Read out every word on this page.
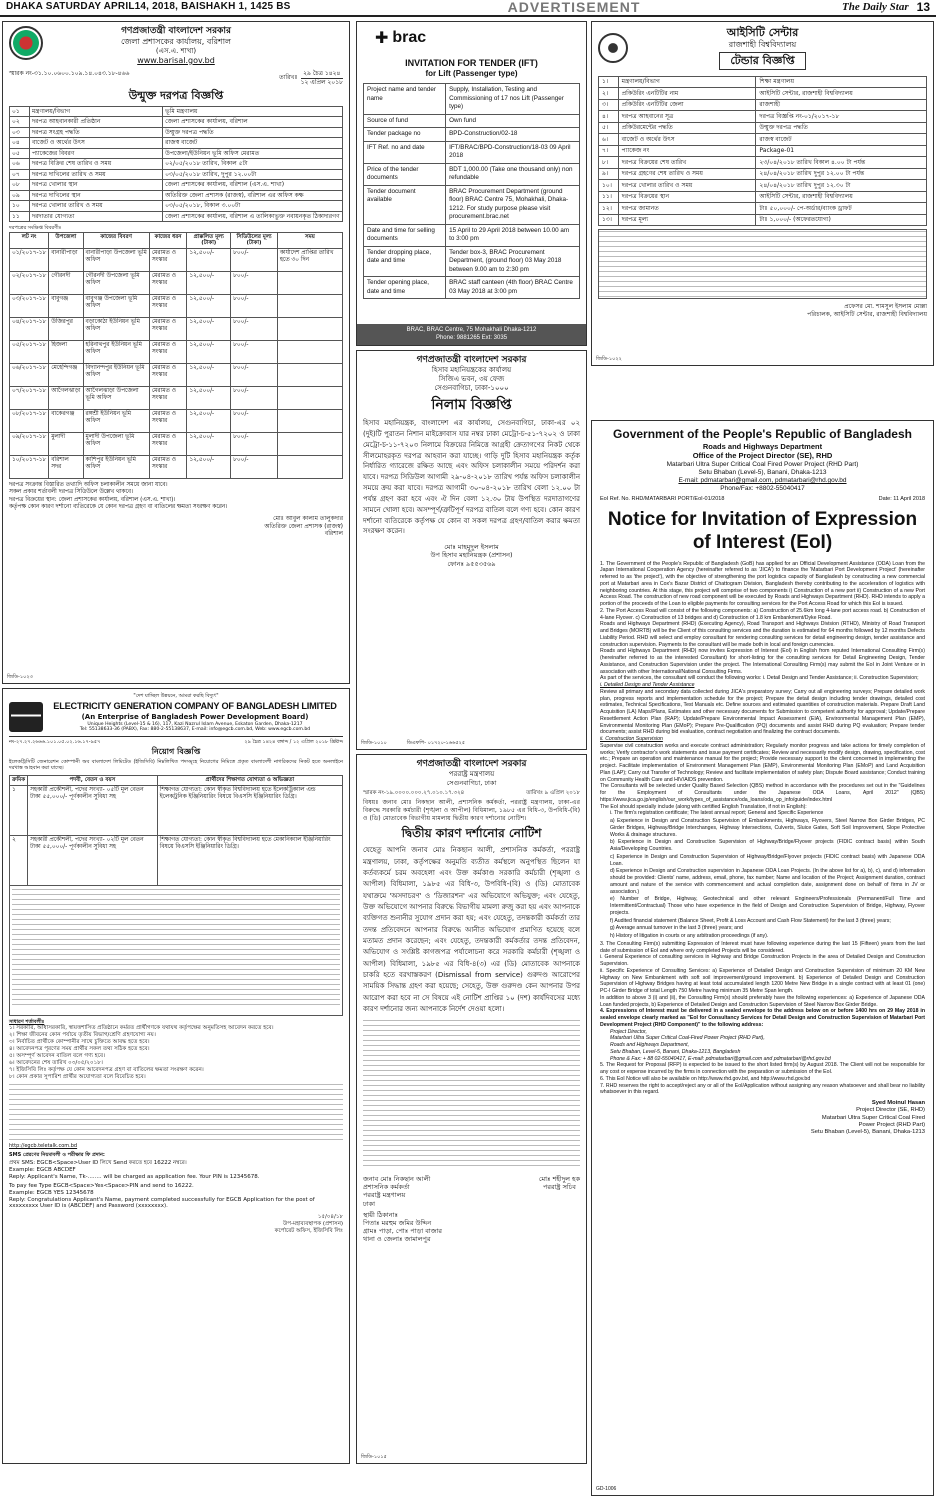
DHAKA SATURDAY APRIL14, 2018, BAISHAKH 1, 1425 BS	ADVERTISEMENT	The Daily Star 13
গণপ্রজাতন্ত্রী বাংলাদেশ সরকার
জেলা প্রশাসকের কার্যালয়, বরিশাল
(এস.এ. শাখা)
www.barisal.gov.bd
স্মারক নং-৩১.১০.০৬০০.১০৯.১৪.০৪৩.১৮-৪৬৬
তারিখঃ
২৯ চৈত্র ১৪২৪
১২ এপ্রিল ২০১৮
উন্মুক্ত দরপত্র বিজ্ঞপ্তি
০১	মন্ত্রণালয়/বিভাগ	ভূমি মন্ত্রণালয়
০২	দরপত্র আহবানকারী প্রতিষ্ঠান	জেলা প্রশাসকের কার্যালয়, বরিশাল
০৩	দরপত্র সংগ্রহ পদ্ধতি	উন্মুক্ত দরপত্র পদ্ধতি
০৪	বাজেট ও অর্থের উৎস	রাজস্ব বাজেট
০৫	প্যাকেজের বিবরণ	উপজেলা/ইউনিয়ন ভূমি অফিস মেরামত
০৬	দরপত্র বিক্রির শেষ তারিখ ও সময়	০২/০৫/২০১৮ তারিখ, বিকাল ৫টা
০৭	দরপত্র দাখিলের তারিখ ও সময়	০৩/০৫/২০১৮ তারিখ, দুপুর ১২.০০টা
০৮	দরপত্র খোলার স্থান	জেলা প্রশাসকের কার্যালয়, বরিশাল (এস.এ. শাখা)
০৯	দরপত্র দাখিলের স্থান	অতিরিক্ত জেলা প্রশাসক (রাজস্ব), বরিশাল এর অফিস কক্ষ
১০	দরপত্র খোলার তারিখ ও সময়	০৩/০৫/২০১৮, বিকাল ৩.০০টা
১১	দরদাতার যোগ্যতা	জেলা প্রশাসকের কার্যালয়, বরিশাল এ তালিকাভুক্ত নবায়নকৃত ঠিকাদারগণ
দরপত্রের সংক্ষিপ্ত বিবরণীঃ
লট নং	উপজেলা	কাজের বিবরণ	কাজের ধরন	প্রাক্কলিত মূল্য (টাকা)	সিডিউলের মূল্য (টাকা)	সময়
০১/২০১৭-১৮	বানারীপাড়া	বানারীপাড়া উপজেলা ভূমি অফিস	মেরামত ও সংস্কার	১২,৫০০/-	৮০০/-	কার্যাদেশ প্রাপ্তির তারিখ হতে ৩০ দিন
০২/২০১৭-১৮	গৌরনদী	গৌরনদী উপজেলা ভূমি অফিস	মেরামত ও সংস্কার	১২,৫০০/-	৮০০/-	
০৩/২০১৭-১৮	বাবুগঞ্জ	বাবুগঞ্জ উপজেলা ভূমি অফিস	মেরামত ও সংস্কার	১২,৫০০/-	৮০০/-	
০৪/২০১৭-১৮	উজিরপুর	বড়াকোঠা ইউনিয়ন ভূমি অফিস	মেরামত ও সংস্কার	১২,৫০০/-	৮০০/-	
০৫/২০১৭-১৮	হিজলা	হরিনাথপুর ইউনিয়ন ভূমি অফিস	মেরামত ও সংস্কার	১২,৫০০/-	৮০০/-	
০৬/২০১৭-১৮	মেহেন্দিগঞ্জ	বিদ্যানন্দপুর ইউনিয়ন ভূমি অফিস	মেরামত ও সংস্কার	১২,৫০০/-	৮০০/-	
০৭/২০১৭-১৮	আগৈলঝাড়া	আগৈলঝাড়া উপজেলা ভূমি অফিস	মেরামত ও সংস্কার	১২,৫০০/-	৮০০/-	
০৮/২০১৭-১৮	বাকেরগঞ্জ	রঙ্গশ্রী ইউনিয়ন ভূমি অফিস	মেরামত ও সংস্কার	১২,৫০০/-	৮০০/-	
০৯/২০১৭-১৮	মুলাদী	মুলাদী উপজেলা ভূমি অফিস	মেরামত ও সংস্কার	১২,৫০০/-	৮০০/-	
১০/২০১৭-১৮	বরিশাল সদর	কাশিপুর ইউনিয়ন ভূমি অফিস	মেরামত ও সংস্কার	১২,৫০০/-	৮০০/-	
দরপত্র সংক্রান্ত বিস্তারিত তথ্যাদি অফিস চলাকালীন সময়ে জানা যাবে।
সকল প্রকার শর্তাবলী দরপত্র সিডিউলে উল্লেখ থাকবে।
দরপত্র বিক্রয়ের স্থান: জেলা প্রশাসকের কার্যালয়, বরিশাল (এস.এ. শাখা)।
কর্তৃপক্ষ কোন কারণ দর্শানো ব্যতিরেকে যে কোন দরপত্র গ্রহণ বা বাতিলের ক্ষমতা সংরক্ষণ করেন।
মোঃ আবুল কালাম তালুকদার
অতিরিক্ত জেলা প্রশাসক (রাজস্ব)
বরিশাল
জিডি-১০২৩
"দেশ যাচ্ছিল উন্নয়নে, আমরা করছি বিদ্যুৎ"
ELECTRICITY GENERATION COMPANY OF BANGLADESH LIMITED
(An Enterprise of Bangladesh Power Development Board)
Unique Heights (Level-15 & 16), 117, Kazi Nazrul Islam Avenue, Eskaton Garden, Dhaka-1217
Tel: 55138633-36 (PABX), Fax: 880-2-55138637, E-mail: info@egcb.com.bd, Web: www.egcb.com.bd
নং-২৭.২৭.২৬৬৬.১০১.০৫.০২.১৬.১৭-৯৫৭	২৯ চৈত্র ১৪২৪ বঙ্গাব্দ / ১২ এপ্রিল ২০১৮ খ্রিষ্টাব্দ
নিয়োগ বিজ্ঞপ্তি
ইলেকট্রিসিটি জেনারেশন কোম্পানী অব বাংলাদেশ লিমিটেড (ইজিসিবি) নিম্নলিখিত পদসমূহে নিয়োগের নিমিত্তে প্রকৃত বাংলাদেশী নাগরিকদের নিকট হতে অনলাইনে দরখাস্ত আহবান করা যাচ্ছে।
ক্রমিক	পদবী, বেতন ও বয়স	প্রার্থীদের শিক্ষাগত যোগ্যতা ও অভিজ্ঞতা
১	সহকারী প্রকৌশলী, পদের সংখ্যা- ০৫টি মূল বেতন টাকা ৫৫,০০০/- পূর্ণকালীন সুবিধা সহ	শিক্ষাগত যোগ্যতা: কোন স্বীকৃত বিশ্ববিদ্যালয় হতে ইলেকট্রিক্যাল এন্ড ইলেকট্রনিক ইঞ্জিনিয়ারিং বিষয়ে বিএসসি ইঞ্জিনিয়ারিং ডিগ্রি।
২	সহকারী প্রকৌশলী, পদের সংখ্যা- ০২টি মূল বেতন টাকা ৫৫,০০০/- পূর্ণকালীন সুবিধা সহ	শিক্ষাগত যোগ্যতা: কোন স্বীকৃত বিশ্ববিদ্যালয় হতে মেকানিক্যাল ইঞ্জিনিয়ারিং বিষয়ে বিএসসি ইঞ্জিনিয়ারিং ডিগ্রি।
সাধারণ শর্তাবলীঃ
১। সরকারি, আধাসরকারি, স্বায়ত্তশাসিত প্রতিষ্ঠানে কর্মরত প্রার্থীগণকে যথাযথ কর্তৃপক্ষের অনুমতিসহ আবেদন করতে হবে।
২। শিক্ষা জীবনের কোন পর্যায়ে তৃতীয় বিভাগ/শ্রেণি গ্রহণযোগ্য নয়।
৩। নির্বাচিত প্রার্থীকে কোম্পানীর সাথে চুক্তিতে আবদ্ধ হতে হবে।
৪। আবেদনপত্র পূরণের সময় প্রার্থীর সকল তথ্য সঠিক হতে হবে।
৫। অসম্পূর্ণ আবেদন বাতিল বলে গণ্য হবে।
৬। আবেদনের শেষ তারিখ ০৩/০৫/২০১৮।
৭। ইজিসিবি লিঃ কর্তৃপক্ষ যে কোন আবেদনপত্র গ্রহণ বা বাতিলের ক্ষমতা সংরক্ষণ করেন।
৮। কোন প্রকার সুপারিশ প্রার্থীর অযোগ্যতা বলে বিবেচিত হবে।
http://egcb.teletalk.com.bd
SMS প্রেরণের নিয়মাবলী ও পরীক্ষার ফি প্রদান:
প্রথম SMS: EGCB<Space>User ID লিখে Send করতে হবে 16222 নম্বরে।
Example: EGCB ABCDEF
Reply: Applicant's Name, Tk-........ will be charged as application fee. Your PIN is 12345678.
To pay fee Type EGCB<Space>Yes<Space>PIN and send to 16222.
Example: EGCB YES 12345678
Reply: Congratulations Applicant's Name, payment completed successfully for EGCB Application for the post of xxxxxxxxx User ID is (ABCDEF) and Password (xxxxxxxx).
১৫/০৪/১৮
উপ-মহাব্যবস্থাপক (প্রশাসন)
কর্পোরেট অফিস, ইজিসিবি লিঃ
✚ brac
INVITATION FOR TENDER (IFT)
for Lift (Passenger type)
Project name and tender name	Supply, Installation, Testing and Commissioning of 17 nos Lift (Passenger type)
Source of fund	Own fund
Tender package no	BPD-Construction/02-18
IFT Ref. no and date	IFT/BRAC/BPD-Construction/18-03 09 April 2018
Price of the tender documents	BDT 1,000.00 (Take one thousand only) non refundable
Tender document available	BRAC Procurement Department (ground floor) BRAC Centre 75, Mohakhali, Dhaka-1212. For study purpose please visit procurement.brac.net
Date and time for selling documents	15 April to 29 April 2018 between 10.00 am to 3:00 pm
Tender dropping place, date and time	Tender box-3, BRAC Procurement Department, (ground floor) 03 May 2018 between 9.00 am to 2:30 pm
Tender opening place, date and time	BRAC staff canteen (4th floor) BRAC Centre 03 May 2018 at 3:00 pm
BRAC, BRAC Centre, 75 Mohakhali Dhaka-1212
Phone: 9881265 Ext: 3035
গণপ্রজাতন্ত্রী বাংলাদেশ সরকার
হিসাব মহানিয়ন্ত্রকের কার্যালয়
সিজিএ ভবন, ৩য় ফেজ
সেগুনবাগিচা, ঢাকা-১০০০
নিলাম বিজ্ঞপ্তি
হিসাব মহানিয়ন্ত্রক, বাংলাদেশ এর কার্যালয়, সেগুনবাগিচা, ঢাকা-এর ০২ (দুই)টি পুরাতন নিশান মাইক্রোবাস যার নম্বর ঢাকা মেট্রো-চ-৫১-৭২০২ ও ঢাকা মেট্রো-চ-১১-৭২০৩ নিলামে বিক্রয়ের নিমিত্তে আগ্রহী ক্রেতাগণের নিকট থেকে সীলমোহরকৃত দরপত্র আহবান করা যাচ্ছে। গাড়ি দুটি হিসাব মহানিয়ন্ত্রক কর্তৃক নির্ধারিত গ্যারেজে রক্ষিত আছে এবং অফিস চলাকালীন সময়ে পরিদর্শন করা যাবে। দরপত্র সিডিউল আগামী ২৯-০৪-২০১৮ তারিখ পর্যন্ত অফিস চলাকালীন সময়ে ক্রয় করা যাবে। দরপত্র আগামী ৩০-০৪-২০১৮ তারিখ বেলা ১২.০০ টা পর্যন্ত গ্রহণ করা হবে এবং ঐ দিন বেলা ১২.৩০ টায় উপস্থিত দরদাতাগণের সামনে খোলা হবে। অসম্পূর্ণ/ত্রুটিপূর্ণ দরপত্র বাতিল বলে গণ্য হবে। কোন কারণ দর্শানো ব্যতিরেকে কর্তৃপক্ষ যে কোন বা সকল দরপত্র গ্রহণ/বাতিল করার ক্ষমতা সংরক্ষণ করেন।
মোঃ মাহমুদুল ইসলাম
উপ হিসাব মহানিয়ন্ত্রক (প্রশাসন)
ফোনঃ ৯৫৫৩৫৬৯
জিডি-১০১০	ডিএফপি- ০১৭২০-১৬৬৫২৫
গণপ্রজাতন্ত্রী বাংলাদেশ সরকার
পররাষ্ট্র মন্ত্রণালয়
সেগুনবাগিচা, ঢাকা
স্মারক নং-১৯.০০০০.০০০.২৭.০১০.১৭.৩২৪	তারিখঃ ৯ এপ্রিল ২০১৮
বিষয়ঃ জনাব মোঃ নিকছান আলী, প্রশাসনিক কর্মকর্তা, পররাষ্ট্র মন্ত্রণালয়, ঢাকা-এর বিরুদ্ধে সরকারি কর্মচারী (শৃঙ্খলা ও আপীল) বিধিমালা, ১৯৮৫ এর বিধি-৩, উপবিধি-(বি) ও (ডি) মোতাবেক বিভাগীয় মামলায় দ্বিতীয় কারণ দর্শানোর নোটিশ।
দ্বিতীয় কারণ দর্শানোর নোটিশ
যেহেতু আপনি জনাব মোঃ নিকছান আলী, প্রশাসনিক কর্মকর্তা, পররাষ্ট্র মন্ত্রণালয়, ঢাকা, কর্তৃপক্ষের অনুমতি ব্যতীত কর্মস্থলে অনুপস্থিত ছিলেন যা কর্তব্যকর্মে চরম অবহেলা এবং উক্ত কর্মকাণ্ড সরকারি কর্মচারী (শৃঙ্খলা ও আপীল) বিধিমালা, ১৯৮৫ এর বিধি-৩, উপবিধি-(বি) ও (ডি) মোতাবেক যথাক্রমে 'অসদাচরণ' ও 'ডিজারশন' এর অভিযোগে অভিযুক্ত; এবং যেহেতু, উক্ত অভিযোগে আপনার বিরুদ্ধে বিভাগীয় মামলা রুজু করা হয় এবং আপনাকে ব্যক্তিগত শুনানীর সুযোগ প্রদান করা হয়; এবং যেহেতু, তদন্তকারী কর্মকর্তা তার তদন্ত প্রতিবেদনে আপনার বিরুদ্ধে আনীত অভিযোগ প্রমাণিত হয়েছে বলে মতামত প্রদান করেছেন; এবং যেহেতু, তদন্তকারী কর্মকর্তার তদন্ত প্রতিবেদন, অভিযোগ ও সংশ্লিষ্ট কাগজপত্র পর্যালোচনা করে সরকারি কর্মচারী (শৃঙ্খলা ও আপীল) বিধিমালা, ১৯৮৫ এর বিধি-৪(৩) এর (ডি) মোতাবেক আপনাকে চাকরি হতে বরখাস্তকরণ (Dismissal from service) গুরুদণ্ড আরোপের সাময়িক সিদ্ধান্ত গ্রহণ করা হয়েছে; সেহেতু, উক্ত গুরুদণ্ড কেন আপনার উপর আরোপ করা হবে না সে বিষয়ে এই নোটিশ প্রাপ্তির ১০ (দশ) কার্যদিবসের মধ্যে কারণ দর্শানোর জন্য আপনাকে নির্দেশ দেওয়া হলো।
জনাব মোঃ নিকছান আলী
প্রশাসনিক কর্মকর্তা
পররাষ্ট্র মন্ত্রণালয়
ঢাকা
স্থায়ী ঠিকানাঃ
পিতাঃ মরহুম জমির উদ্দিন
গ্রামঃ পাড়া, পোঃ পাড়া বাজার
থানা ও জেলাঃ জামালপুর
মোঃ শহীদুল হক
পররাষ্ট্র সচিব
জিডি-১০১৫
আইসিটি সেন্টার
রাজশাহী বিশ্ববিদ্যালয়
টেন্ডার বিজ্ঞপ্তি
১।	মন্ত্রণালয়/বিভাগ	শিক্ষা মন্ত্রণালয়
২।	প্রকিউরিং এনটিটির নাম	আইসিটি সেন্টার, রাজশাহী বিশ্ববিদ্যালয়
৩।	প্রকিউরিং এনটিটির জেলা	রাজশাহী
৪।	দরপত্র আহবানের সূত্র	দরপত্র বিজ্ঞপ্তি নং-০১/২০১৭-১৮
৫।	প্রকিউরমেন্টের পদ্ধতি	উন্মুক্ত দরপত্র পদ্ধতি
৬।	বাজেট ও অর্থের উৎস	রাজস্ব বাজেট
৭।	প্যাকেজ নং	Package-01
৮।	দরপত্র বিক্রয়ের শেষ তারিখ	২৩/০৪/২০১৮ তারিখ বিকাল ৪.০০ টা পর্যন্ত
৯।	দরপত্র গ্রহণের শেষ তারিখ ও সময়	২৪/০৪/২০১৮ তারিখ দুপুর ১২.০০ টা পর্যন্ত
১০।	দরপত্র খোলার তারিখ ও সময়	২৪/০৪/২০১৮ তারিখ দুপুর ১২.৩০ টা
১১।	দরপত্র বিক্রয়ের স্থান	আইসিটি সেন্টার, রাজশাহী বিশ্ববিদ্যালয়
১২।	দরপত্র জামানত	টাঃ ৫০,০০০/- পে-অর্ডার/ব্যাংক ড্রাফট
১৩।	দরপত্র মূল্য	টাঃ ১,০০০/- (অফেরতযোগ্য)
প্রফেসর মো. শামসুল ইসলাম মোল্লা
পরিচালক, আইসিটি সেন্টার, রাজশাহী বিশ্ববিদ্যালয়
জিডি-১০২২
Government of the People's Republic of Bangladesh
Roads and Highways Department
Office of the Project Director (SE), RHD
Matarbari Ultra Super Critical Coal Fired Power Project (RHD Part)
Setu Bhaban (Level-5), Banani, Dhaka-1213
E-mail: pdmatarbari@gmail.com, pdmatarbari@rhd.gov.bd
Phone/Fax: +8802-55040417
EoI Ref. No. RHD/MATARBARI PORT/EoI-01/2018	Date: 11 April 2018
Notice for Invitation of Expression of Interest (EoI)

1. The Government of the People's Republic of Bangladesh (GoB) has applied for an Official Development Assistance (ODA) Loan from the Japan International Cooperation Agency (hereinafter referred to as 'JICA') to finance the 'Matarbari Port Development Project' (hereinafter referred to as 'the project'), with the objective of strengthening the port logistics capacity of Bangladesh by constructing a new commercial port at Matarbari area in Cox's Bazar District of Chattogram Division, Bangladesh thereby contributing to the acceleration of logistics with neighboring countries. At this stage, this project will comprise of two components i) Construction of a new port ii) Construction of a new Port Access Road. The construction of new road component will be executed by Roads and Highways Department (RHD). RHD intends to apply a portion of the proceeds of the Loan to eligible payments for consulting services for the Port Access Road for which this EoI is issued.

2. The Port Access Road will consist of the following components: a) Construction of 25.6km long 4-lane port access road. b) Construction of 4-lane Flyover. c) Construction of 13 bridges and d) Construction of 1.8 km Embankment/Dyke Road.

Roads and Highways Department (RHD) (Executing Agency), Road Transport and Highways Division (RTHD), Ministry of Road Transport and Bridges (MORTB) will be the Client of this consulting services and the duration is estimated for 64 months followed by 12 months Defects Liability Period. RHD will select and employ consultant for rendering consulting services for detail engineering design, tender assistance and construction supervision. Payments to the consultant will be made both in local and foreign currencies.

Roads and Highways Department (RHD) now invites Expression of Interest (EoI) in English from reputed International Consulting Firm(s) (hereinafter referred to as the interested Consultant) for short-listing for the consulting services for Detail Engineering Design, Tender Assistance, and Construction Supervision under the project. The International Consulting Firm(s) may submit the EoI in Joint Venture or in association with other International/National Consulting Firms.

As part of the services, the consultant will conduct the following works: i. Detail Design and Tender Assistance; ii. Construction Supervision;

i. Detailed Design and Tender Assistance

Review all primary and secondary data collected during JICA's preparatory survey; Carry out all engineering surveys; Prepare detailed work plan, progress reports and implementation schedule for the project; Prepare the detail design including tender drawings, detailed cost estimates, Technical Specifications, Test Manuals etc. Define sources and estimated quantities of construction materials. Prepare Draft Land Acquisition (LA) Maps/Plans, Estimates and other necessary documents for Submission to competent authority for approval; Update/Prepare Resettlement Action Plan (RAP); Update/Prepare Environmental Impact Assessment (EIA), Environmental Management Plan (EMP), Environmental Monitoring Plan (EMoP); Prepare Pre-Qualification (PQ) documents and assist RHD during PQ evaluation; Prepare tender documents; assist RHD during bid evaluation, contract negotiation and finalizing the contract documents.

ii. Construction Supervision

Supervise civil construction works and execute contract administration; Regularly monitor progress and take actions for timely completion of works; Verify contractor's work statements and issue payment certificates; Review and necessarily modify design, drawing, specification, cost etc.; Prepare an operation and maintenance manual for the project; Provide necessary support to the client concerned in implementing the project. Facilitate implementation of Environment Management Plan (EMP), Environmental Monitoring Plan (EMoP) and Land Acquisition Plan (LAP); Carry out Transfer of Technology; Review and facilitate implementation of safety plan; Dispute Board assistance; Conduct training on Community Health Care and HIV/AIDS prevention.

The Consultants will be selected under Quality Based Selection (QBS) method in accordance with the procedures set out in the "Guidelines for the Employment of Consultants under the Japanese ODA Loans, April 2012" (QBS) https://www.jica.go.jp/english/our_work/types_of_assistance/oda_loans/oda_op_info/guide/index.html

The EoI should specially include (along with certified English Translation, if not in English):

i. The firm's registration certificate; The latest annual report; General and Specific Experience
a) Experience in Design and Construction Supervision of Embankments, Highways, Flyovers, Steel Narrow Box Girder Bridges, PC Girder Bridges, Highway/Bridge Interchanges, Highway Intersections, Culverts, Sluice Gates, Soft Soil Improvement, Slope Protective Works & drainage structures.
b) Experience in Design and Construction Supervision of Highway/Bridge/Flyover projects (FIDIC contract basis) within South Asia/Developing Countries.
c) Experience in Design and Construction Supervision of Highway/Bridge/Flyover projects (FIDIC contract basis) with Japanese ODA Loan.
d) Experience in Design and Construction supervision in Japanese ODA Loan Projects. (In the above list for a), b), c), and d) information should be provided: Clients' name, address, email, phone, fax number; Name and location of the Project; Assignment duration, contract amount and nature of the service with commencement and actual completion date, assignment done on behalf of firms in JV or association.)
e) Number of Bridge, Highway, Geotechnical and other relevant Engineers/Professionals (Permanent/Full Time and Intermittent/Contractual) Those who have experience in the field of Design and Construction Supervision of Bridge, Highway, Flyover projects.
f) Audited financial statement (Balance Sheet, Profit & Loss Account and Cash Flow Statement) for the last 3 (three) years;
g) Average annual turnover in the last 3 (three) years; and
h) History of litigation in courts or any arbitration proceedings (if any).

3. The Consulting Firm(s) submitting Expression of Interest must have following experience during the last 15 (Fifteen) years from the last date of submission of EoI and where only completed Projects will be considered.

i. General Experience of consulting services in Highway and Bridge Construction Projects in the area of Detailed Design and Construction Supervision.

ii. Specific Experience of Consulting Services: a) Experience of Detailed Design and Construction Supervision of minimum 20 KM New Highway on New Embankment with soft soil improvement/ground improvement. b) Experience of Detailed Design and Construction Supervision of Highway Bridges having at least total accumulated length 1200 Metre New Bridge in a single contract with at least 01 (one) PC-I Girder Bridge of total Length 750 Metre having minimum 35 Metre Span length.

In addition to above 3 (i) and (ii), the Consulting Firm(s) should preferably have the following experiences: a) Experience of Japanese ODA Loan funded projects, b) Experience of Detailed Design and Construction Supervision of Steel Narrow Box Girder Bridge.

4. Expressions of Interest must be delivered in a sealed envelope to the address below on or before 1400 hrs on 29 May 2018 in sealed envelope clearly marked as "EoI for Consultancy Services for Detail Design and Construction Supervision of Matarbari Port Development Project (RHD Component)" to the following address:

Project Director,
Matarbari Ultra Super Critical Coal-Fired Power Project (RHD Part),
Roads and Highways Department,
Setu Bhaban, Level-5, Banani, Dhaka-1213, Bangladesh
Phone & Fax: + 88 02-55040417, E-mail: pdmatarbari@gmail.com and pdmatarbari@rhd.gov.bd

5. The Request for Proposal (RFP) is expected to be issued to the short listed firm(s) by August 2018. The Client will not be responsible for any cost or expense incurred by the firms in connection with the preparation or submission of the EoI.

6. This EoI Notice will also be available on http://www.rhd.gov.bd, and http://www.rhd.gov.bd

7. RHD reserves the right to accept/reject any or all of the EoI/Application without assigning any reason whatsoever and shall bear no liability whatsoever in this regard.

Syed Moinul Hasan
Project Director (SE, RHD)
Matarbari Ultra Super Critical Coal Fired
Power Project (RHD Part)
Setu Bhaban (Level-5), Banani, Dhaka-1213
GD-1006
